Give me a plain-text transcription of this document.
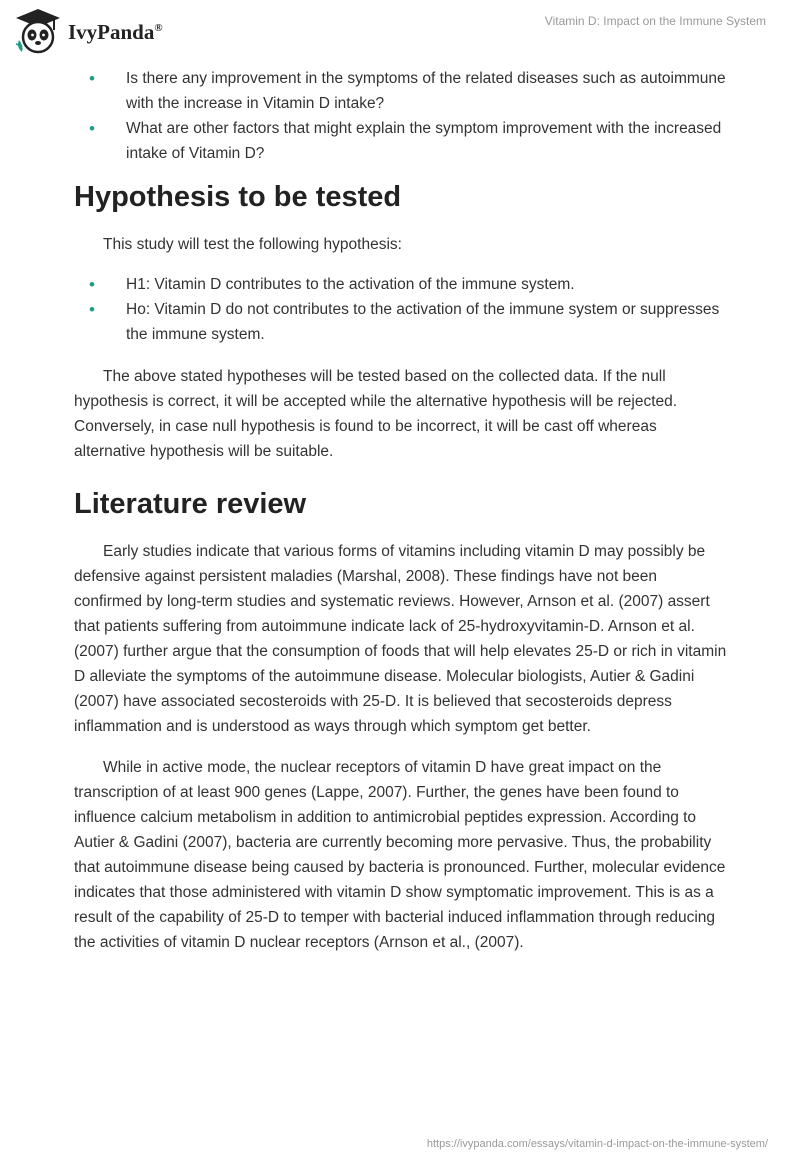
IvyPanda®	Vitamin D: Impact on the Immune System
• Is there any improvement in the symptoms of the related diseases such as autoimmune with the increase in Vitamin D intake?
• What are other factors that might explain the symptom improvement with the increased intake of Vitamin D?
Hypothesis to be tested

This study will test the following hypothesis:

• H1: Vitamin D contributes to the activation of the immune system.
• Ho: Vitamin D do not contributes to the activation of the immune system or suppresses the immune system.

The above stated hypotheses will be tested based on the collected data. If the null hypothesis is correct, it will be accepted while the alternative hypothesis will be rejected. Conversely, in case null hypothesis is found to be incorrect, it will be cast off whereas alternative hypothesis will be suitable.

Literature review

Early studies indicate that various forms of vitamins including vitamin D may possibly be defensive against persistent maladies (Marshal, 2008). These findings have not been confirmed by long-term studies and systematic reviews. However, Arnson et al. (2007) assert that patients suffering from autoimmune indicate lack of 25-hydroxyvitamin-D. Arnson et al. (2007) further argue that the consumption of foods that will help elevates 25-D or rich in vitamin D alleviate the symptoms of the autoimmune disease. Molecular biologists, Autier & Gadini (2007) have associated secosteroids with 25-D. It is believed that secosteroids depress inflammation and is understood as ways through which symptom get better.

While in active mode, the nuclear receptors of vitamin D have great impact on the transcription of at least 900 genes (Lappe, 2007). Further, the genes have been found to influence calcium metabolism in addition to antimicrobial peptides expression. According to Autier & Gadini (2007), bacteria are currently becoming more pervasive. Thus, the probability that autoimmune disease being caused by bacteria is pronounced. Further, molecular evidence indicates that those administered with vitamin D show symptomatic improvement. This is as a result of the capability of 25-D to temper with bacterial induced inflammation through reducing the activities of vitamin D nuclear receptors (Arnson et al., (2007).

https://ivypanda.com/essays/vitamin-d-impact-on-the-immune-system/
